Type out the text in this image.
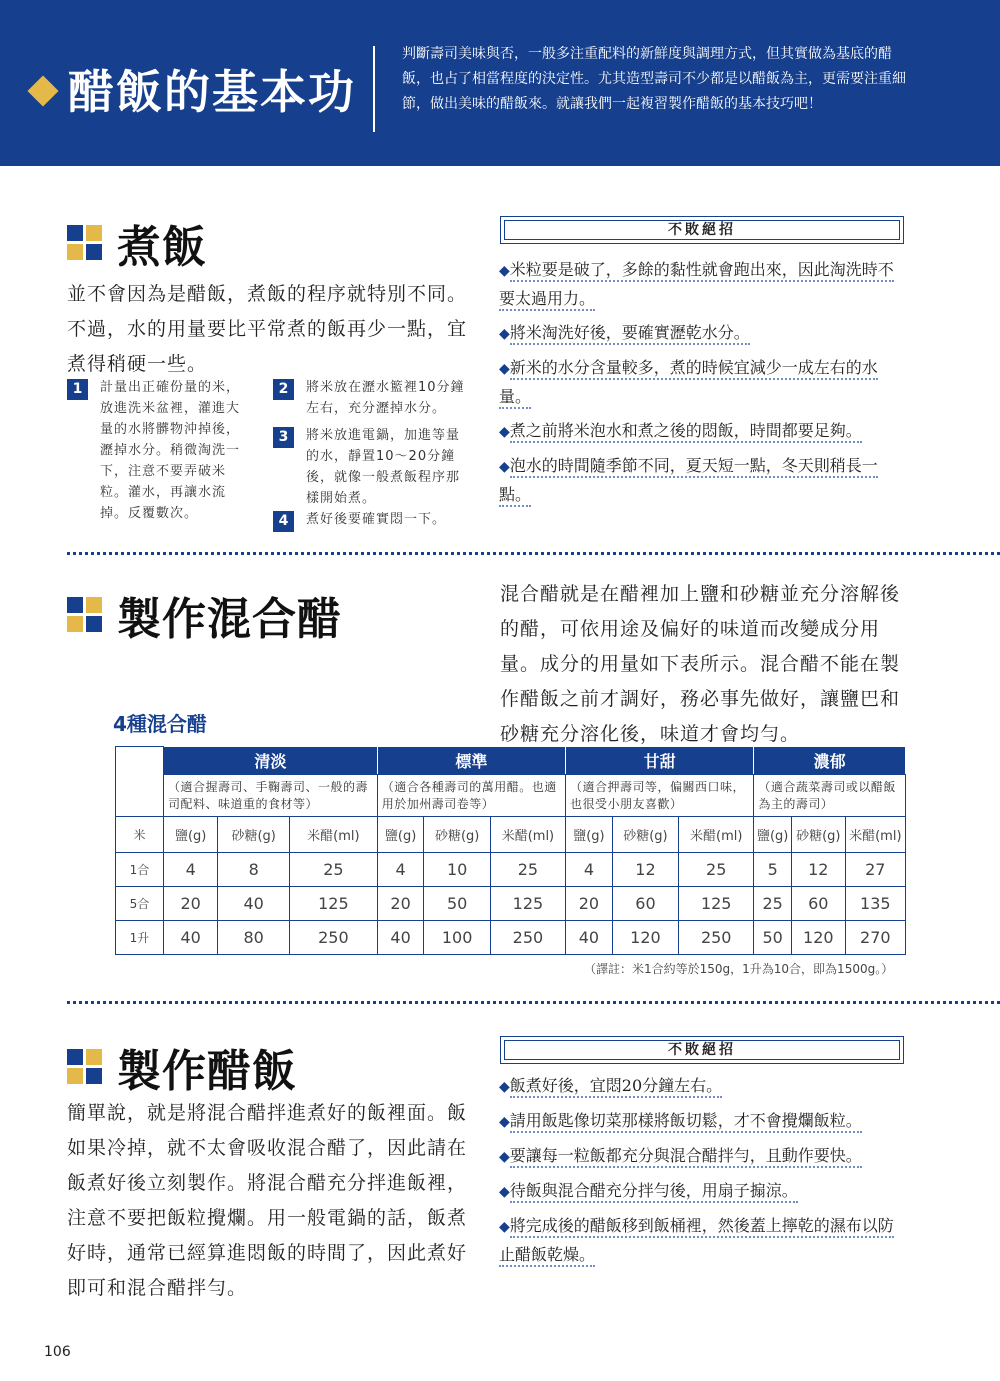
醋飯的基本功
判斷壽司美味與否，一般多注重配料的新鮮度與調理方式，但其實做為基底的醋飯，也占了相當程度的決定性。尤其造型壽司不少都是以醋飯為主，更需要注重細節，做出美味的醋飯來。就讓我們一起複習製作醋飯的基本技巧吧！
煮飯
並不會因為是醋飯，煮飯的程序就特別不同。不過，水的用量要比平常煮的飯再少一點，宜煮得稍硬一些。
1	計量出正確份量的米，放進洗米盆裡，灌進大量的水將髒物沖掉後，瀝掉水分。稍微淘洗一下，注意不要弄破米粒。灌水，再讓水流掉。反覆數次。
2	將米放在瀝水籃裡10分鐘左右，充分瀝掉水分。
3	將米放進電鍋，加進等量的水，靜置10～20分鐘後，就像一般煮飯程序那樣開始煮。
4	煮好後要確實悶一下。
不敗絕招
◆米粒要是破了，多餘的黏性就會跑出來，因此淘洗時不要太過用力。
◆將米淘洗好後，要確實瀝乾水分。
◆新米的水分含量較多，煮的時候宜減少一成左右的水量。
◆煮之前將米泡水和煮之後的悶飯，時間都要足夠。
◆泡水的時間隨季節不同，夏天短一點，冬天則稍長一點。
製作混合醋	混合醋就是在醋裡加上鹽和砂糖並充分溶解後的醋，可依用途及偏好的味道而改變成分用量。成分的用量如下表所示。混合醋不能在製作醋飯之前才調好，務必事先做好，讓鹽巴和砂糖充分溶化後，味道才會均勻。
4種混合醋
	清淡			標準			甘甜			濃郁		
	（適合握壽司、手鞠壽司、一般的壽司配料、味道重的食材等）			（適合各種壽司的萬用醋。也適用於加州壽司卷等）			（適合押壽司等，偏關西口味，也很受小朋友喜歡）			（適合蔬菜壽司或以醋飯為主的壽司）		
米	鹽(g)	砂糖(g)	米醋(ml)	鹽(g)	砂糖(g)	米醋(ml)	鹽(g)	砂糖(g)	米醋(ml)	鹽(g)	砂糖(g)	米醋(ml)
1合	4	8	25	4	10	25	4	12	25	5	12	27
5合	20	40	125	20	50	125	20	60	125	25	60	135
1升	40	80	250	40	100	250	40	120	250	50	120	270
（譯註：米1合約等於150g，1升為10合，即為1500g。）
製作醋飯
簡單說，就是將混合醋拌進煮好的飯裡面。飯如果冷掉，就不太會吸收混合醋了，因此請在飯煮好後立刻製作。將混合醋充分拌進飯裡，注意不要把飯粒攪爛。用一般電鍋的話，飯煮好時，通常已經算進悶飯的時間了，因此煮好即可和混合醋拌勻。
不敗絕招
◆飯煮好後，宜悶20分鐘左右。
◆請用飯匙像切菜那樣將飯切鬆，才不會攪爛飯粒。
◆要讓每一粒飯都充分與混合醋拌勻，且動作要快。
◆待飯與混合醋充分拌勻後，用扇子搧涼。
◆將完成後的醋飯移到飯桶裡，然後蓋上擰乾的濕布以防止醋飯乾燥。
106
